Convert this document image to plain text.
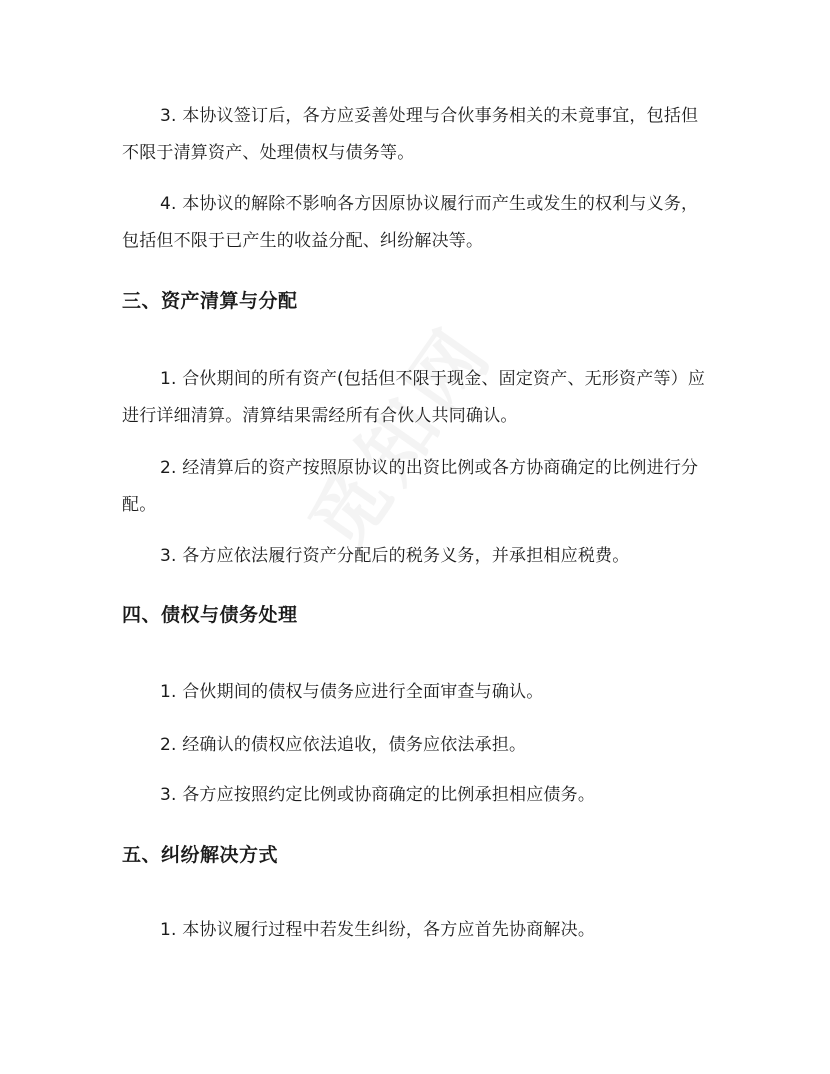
3. 本协议签订后，各方应妥善处理与合伙事务相关的未竟事宜，包括但不限于清算资产、处理债权与债务等。
4. 本协议的解除不影响各方因原协议履行而产生或发生的权利与义务，包括但不限于已产生的收益分配、纠纷解决等。
三、资产清算与分配
1. 合伙期间的所有资产(包括但不限于现金、固定资产、无形资产等）应进行详细清算。清算结果需经所有合伙人共同确认。
2. 经清算后的资产按照原协议的出资比例或各方协商确定的比例进行分配。
3. 各方应依法履行资产分配后的税务义务，并承担相应税费。
四、债权与债务处理
1. 合伙期间的债权与债务应进行全面审查与确认。
2. 经确认的债权应依法追收，债务应依法承担。
3. 各方应按照约定比例或协商确定的比例承担相应债务。
五、纠纷解决方式
1. 本协议履行过程中若发生纠纷，各方应首先协商解决。
